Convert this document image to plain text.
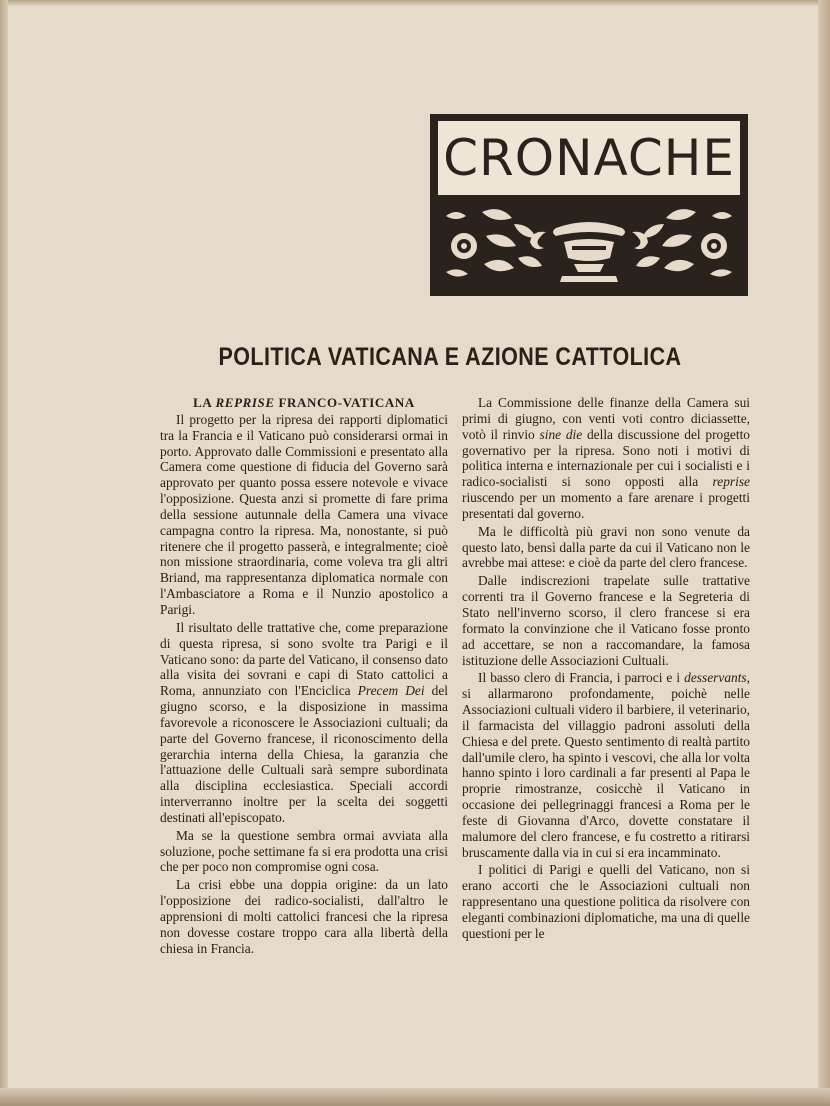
CRONACHE
POLITICA VATICANA E AZIONE CATTOLICA
LA REPRISE FRANCO-VATICANA

Il progetto per la ripresa dei rapporti diplomatici tra la Francia e il Vaticano può considerarsi ormai in porto. Approvato dalle Commissioni e presentato alla Camera come questione di fiducia del Governo sarà approvato per quanto possa essere notevole e vivace l'opposizione. Questa anzi si promette di fare prima della sessione autunnale della Camera una vivace campagna contro la ripresa. Ma, nonostante, si può ritenere che il progetto passerà, e integralmente; cioè non missione straordinaria, come voleva tra gli altri Briand, ma rappresentanza diplomatica normale con l'Ambasciatore a Roma e il Nunzio apostolico a Parigi.

Il risultato delle trattative che, come preparazione di questa ripresa, si sono svolte tra Parigi e il Vaticano sono: da parte del Vaticano, il consenso dato alla visita dei sovrani e capi di Stato cattolici a Roma, annunziato con l'Enciclica Precem Dei del giugno scorso, e la disposizione in massima favorevole a riconoscere le Associazioni cultuali; da parte del Governo francese, il riconoscimento della gerarchia interna della Chiesa, la garanzia che l'attuazione delle Cultuali sarà sempre subordinata alla disciplina ecclesiastica. Speciali accordi interverranno inoltre per la scelta dei soggetti destinati all'episcopato.

Ma se la questione sembra ormai avviata alla soluzione, poche settimane fa si era prodotta una crisi che per poco non compromise ogni cosa.

La crisi ebbe una doppia origine: da un lato l'opposizione dei radico-socialisti, dall'altro le apprensioni di molti cattolici francesi che la ripresa non dovesse costare troppo cara alla libertà della chiesa in Francia.

La Commissione delle finanze della Camera sui primi di giugno, con venti voti contro diciassette, votò il rinvio sine die della discussione del progetto governativo per la ripresa. Sono noti i motivi di politica interna e internazionale per cui i socialisti e i radico-socialisti si sono opposti alla reprise riuscendo per un momento a fare arenare i progetti presentati dal governo.

Ma le difficoltà più gravi non sono venute da questo lato, bensì dalla parte da cui il Vaticano non le avrebbe mai attese: e cioè da parte del clero francese.

Dalle indiscrezioni trapelate sulle trattative correnti tra il Governo francese e la Segreteria di Stato nell'inverno scorso, il clero francese si era formato la convinzione che il Vaticano fosse pronto ad accettare, se non a raccomandare, la famosa istituzione delle Associazioni Cultuali.

Il basso clero di Francia, i parroci e i desservants, si allarmarono profondamente, poichè nelle Associazioni cultuali videro il barbiere, il veterinario, il farmacista del villaggio padroni assoluti della Chiesa e del prete. Questo sentimento di realtà partito dall'umile clero, ha spinto i vescovi, che alla lor volta hanno spinto i loro cardinali a far presenti al Papa le proprie rimostranze, cosicchè il Vaticano in occasione dei pellegrinaggi francesi a Roma per le feste di Giovanna d'Arco, dovette constatare il malumore del clero francese, e fu costretto a ritirarsi bruscamente dalla via in cui si era incamminato.

I politici di Parigi e quelli del Vaticano, non si erano accorti che le Associazioni cultuali non rappresentano una questione politica da risolvere con eleganti combinazioni diplomatiche, ma una di quelle questioni per le
